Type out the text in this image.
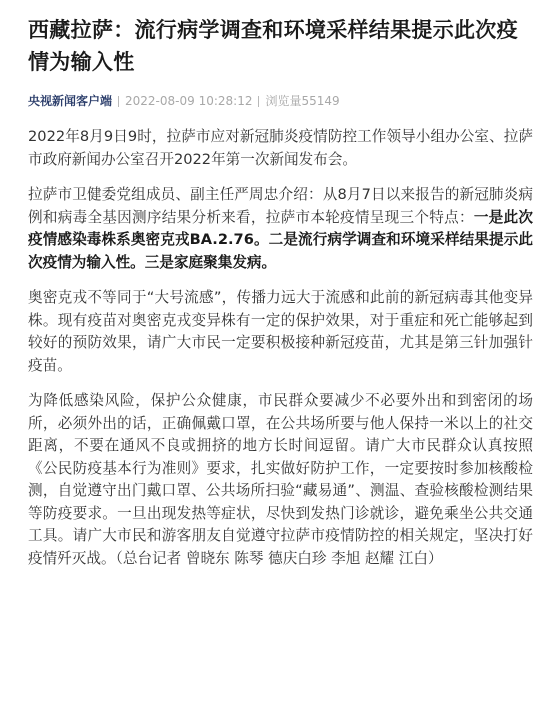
西藏拉萨：流行病学调查和环境采样结果提示此次疫情为输入性
央视新闻客户端 2022-08-09 10:28:12 浏览量55149

2022年8月9日9时，拉萨市应对新冠肺炎疫情防控工作领导小组办公室、拉萨市政府新闻办公室召开2022年第一次新闻发布会。

拉萨市卫健委党组成员、副主任严周忠介绍：从8月7日以来报告的新冠肺炎病例和病毒全基因测序结果分析来看，拉萨市本轮疫情呈现三个特点：一是此次疫情感染毒株系奥密克戎BA.2.76。二是流行病学调查和环境采样结果提示此次疫情为输入性。三是家庭聚集发病。

奥密克戎不等同于“大号流感”，传播力远大于流感和此前的新冠病毒其他变异株。现有疫苗对奥密克戎变异株有一定的保护效果，对于重症和死亡能够起到较好的预防效果，请广大市民一定要积极接种新冠疫苗，尤其是第三针加强针疫苗。

为降低感染风险，保护公众健康，市民群众要减少不必要外出和到密闭的场所，必须外出的话，正确佩戴口罩，在公共场所要与他人保持一米以上的社交距离，不要在通风不良或拥挤的地方长时间逗留。请广大市民群众认真按照《公民防疫基本行为准则》要求，扎实做好防护工作，一定要按时参加核酸检测，自觉遵守出门戴口罩、公共场所扫验“藏易通”、测温、查验核酸检测结果等防疫要求。一旦出现发热等症状，尽快到发热门诊就诊，避免乘坐公共交通工具。请广大市民和游客朋友自觉遵守拉萨市疫情防控的相关规定，坚决打好疫情歼灭战。（总台记者 曾晓东 陈琴 德庆白珍 李旭 赵耀 江白）
